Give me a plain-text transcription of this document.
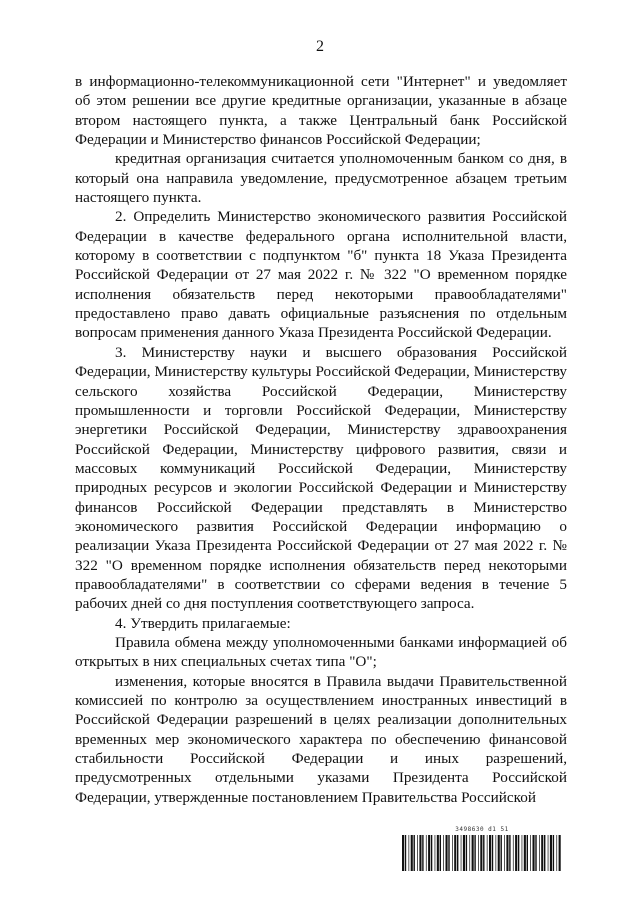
2

в информационно-телекоммуникационной сети "Интернет" и уведомляет об этом решении все другие кредитные организации, указанные в абзаце втором настоящего пункта, а также Центральный банк Российской Федерации и Министерство финансов Российской Федерации;

кредитная организация считается уполномоченным банком со дня, в который она направила уведомление, предусмотренное абзацем третьим настоящего пункта.

2. Определить Министерство экономического развития Российской Федерации в качестве федерального органа исполнительной власти, которому в соответствии с подпунктом "б" пункта 18 Указа Президента Российской Федерации от 27 мая 2022 г. № 322 "О временном порядке исполнения обязательств перед некоторыми правообладателями" предоставлено право давать официальные разъяснения по отдельным вопросам применения данного Указа Президента Российской Федерации.

3. Министерству науки и высшего образования Российской Федерации, Министерству культуры Российской Федерации, Министерству сельского хозяйства Российской Федерации, Министерству промышленности и торговли Российской Федерации, Министерству энергетики Российской Федерации, Министерству здравоохранения Российской Федерации, Министерству цифрового развития, связи и массовых коммуникаций Российской Федерации, Министерству природных ресурсов и экологии Российской Федерации и Министерству финансов Российской Федерации представлять в Министерство экономического развития Российской Федерации информацию о реализации Указа Президента Российской Федерации от 27 мая 2022 г. № 322 "О временном порядке исполнения обязательств перед некоторыми правообладателями" в соответствии со сферами ведения в течение 5 рабочих дней со дня поступления соответствующего запроса.

4. Утвердить прилагаемые:

Правила обмена между уполномоченными банками информацией об открытых в них специальных счетах типа "О";

изменения, которые вносятся в Правила выдачи Правительственной комиссией по контролю за осуществлением иностранных инвестиций в Российской Федерации разрешений в целях реализации дополнительных временных мер экономического характера по обеспечению финансовой стабильности Российской Федерации и иных разрешений, предусмотренных отдельными указами Президента Российской Федерации, утвержденные постановлением Правительства Российской

3498630 d1 51
